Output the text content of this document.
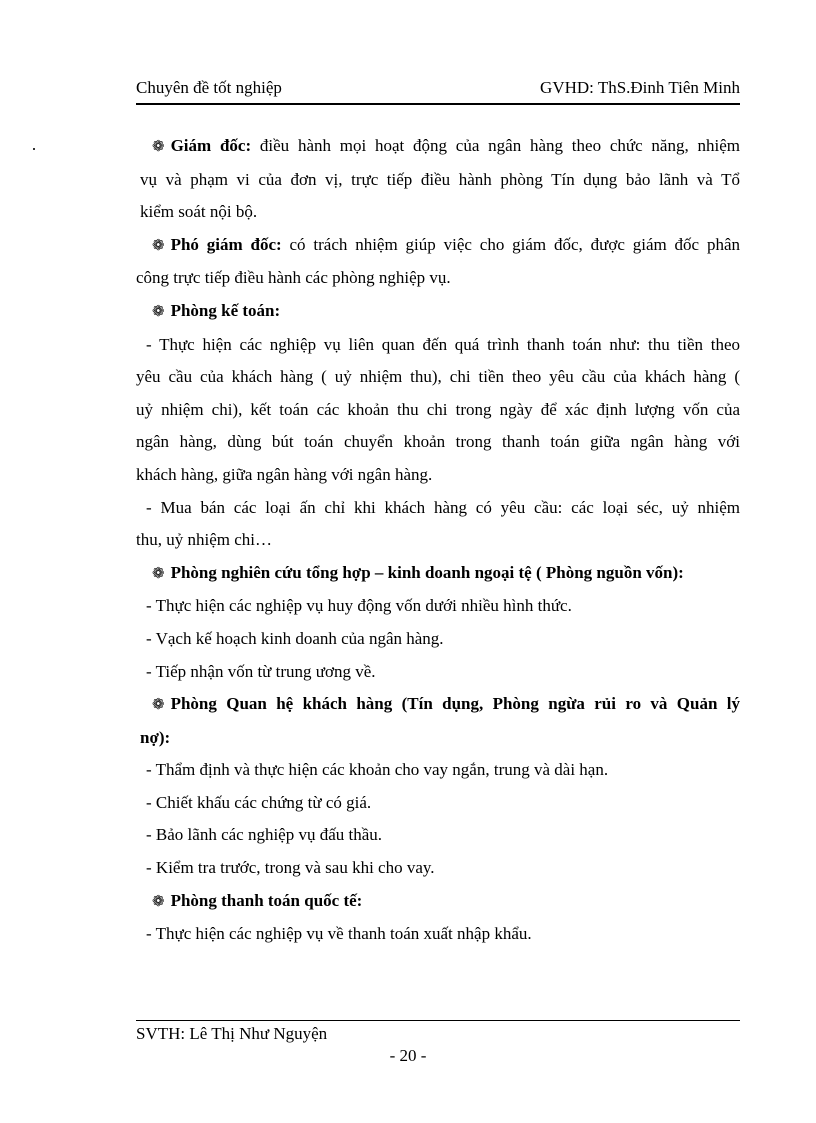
Chuyên đề tốt nghiệp	GVHD: ThS.Đinh Tiên Minh

❁ Giám đốc: điều hành mọi hoạt động của ngân hàng theo chức năng, nhiệm

vụ và phạm vi của đơn vị, trực tiếp điều hành phòng Tín dụng bảo lãnh và Tổ

kiểm soát nội bộ.

❁ Phó giám đốc: có trách nhiệm giúp việc cho giám đốc, được giám đốc phân

công trực tiếp điều hành các phòng nghiệp vụ.

❁ Phòng kế toán:

- Thực hiện các nghiệp vụ liên quan đến quá trình thanh toán như: thu tiền theo

yêu cầu của khách hàng ( uỷ nhiệm thu), chi tiền theo yêu cầu của khách hàng (

uỷ nhiệm chi), kết toán các khoản thu chi trong ngày để xác định lượng vốn của

ngân hàng, dùng bút toán chuyển khoản trong thanh toán giữa ngân hàng với

khách hàng, giữa ngân hàng với ngân hàng.

- Mua bán các loại ấn chỉ khi khách hàng có yêu cầu: các loại séc, uỷ nhiệm

thu, uỷ nhiệm chi…

❁ Phòng nghiên cứu tổng hợp – kinh doanh ngoại tệ ( Phòng nguồn vốn):

- Thực hiện các nghiệp vụ huy động vốn dưới nhiều hình thức.

- Vạch kế hoạch kinh doanh của ngân hàng.

- Tiếp nhận vốn từ trung ương về.

❁ Phòng Quan hệ khách hàng (Tín dụng, Phòng ngừa rủi ro và Quản lý

nợ):

- Thẩm định và thực hiện các khoản cho vay ngắn, trung và dài hạn.

- Chiết khấu các chứng từ có giá.

- Bảo lãnh các nghiệp vụ đấu thầu.

- Kiểm tra trước, trong và sau khi cho vay.

❁ Phòng thanh toán quốc tế:

- Thực hiện các nghiệp vụ về thanh toán xuất nhập khẩu.

SVTH: Lê Thị Như Nguyện
- 20 -
